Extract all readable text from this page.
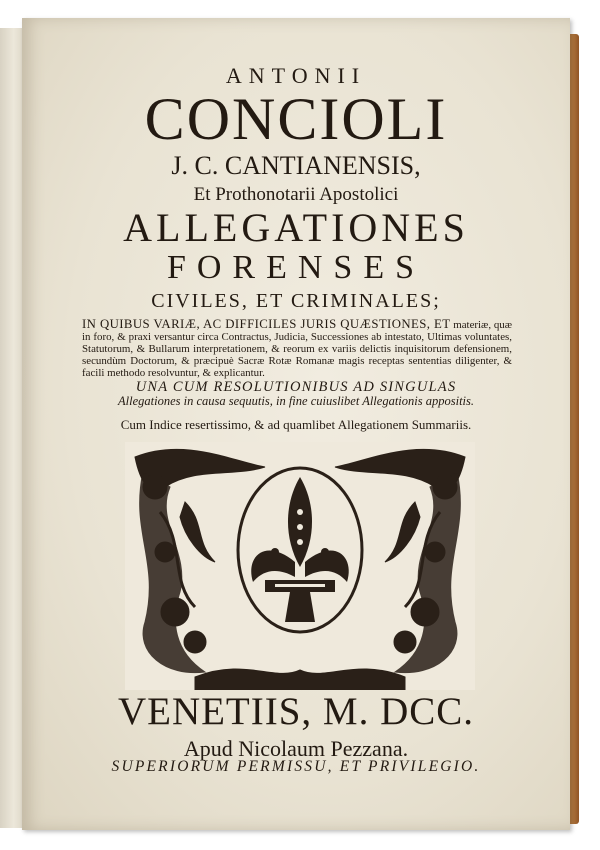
ANTONII
CONCIOLI
J. C. CANTIANENSIS,
Et Prothonotarii Apostolici
ALLEGATIONES
FORENSES
CIVILES, ET CRIMINALES;
IN QUIBUS VARIÆ, AC DIFFICILES JURIS QUÆSTIONES, ET materiæ, quæ in foro, & praxi versantur circa Contractus, Judicia, Successiones ab intestato, Ultimas voluntates, Statutorum, & Bullarum interpretationem, & reorum ex variis delictis inquisitorum defensionem, secundùm Doctorum, & præcipuè Sacræ Rotæ Romanæ magis receptas sententias diligenter, & facili methodo resolvuntur, & explicantur.
UNA CUM RESOLUTIONIBUS AD SINGULAS
Allegationes in causa sequutis, in fine cuiuslibet Allegationis appositis.
Cum Indice resertissimo, & ad quamlibet Allegationem Summariis.
VENETIIS, M. DCC.
Apud Nicolaum Pezzana.
SUPERIORUM PERMISSU, ET PRIVILEGIO.
